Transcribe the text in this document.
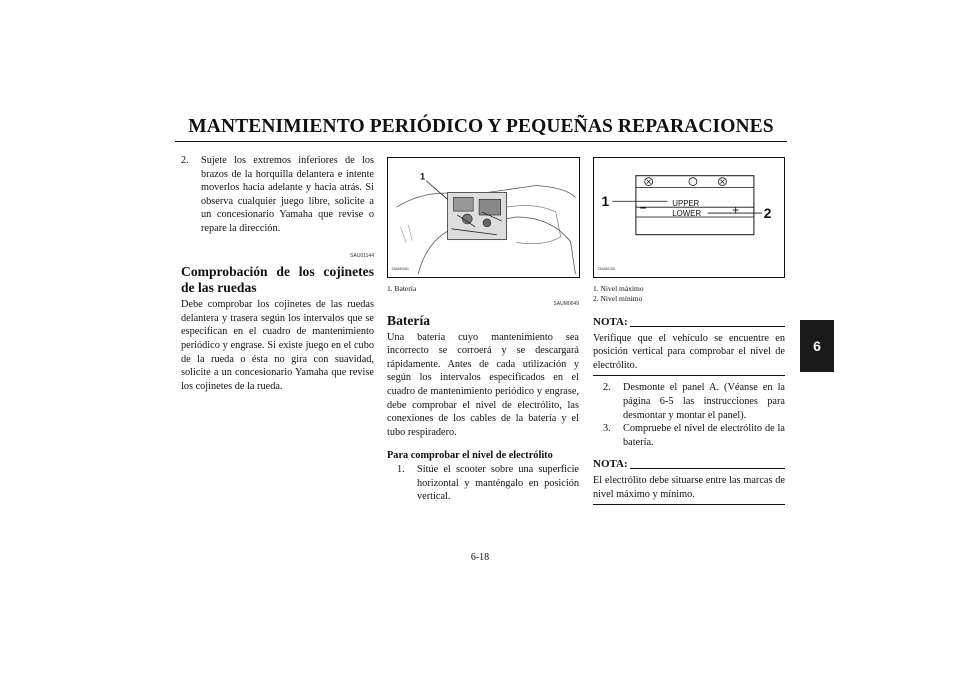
MANTENIMIENTO PERIÓDICO Y PEQUEÑAS REPARACIONES
6
2.	Sujete los extremos inferiores de los brazos de la horquilla delantera e intente moverlos hacia adelante y hacia atrás. Si observa cualquier juego libre, solicite a un concesionario Yamaha que revise o repare la dirección.
SAU01144
Comprobación de los cojinetes de las ruedas
Debe comprobar los cojinetes de las ruedas delantera y trasera según los intervalos que se especifican en el cuadro de mantenimiento periódico y engrase. Si existe juego en el cubo de la rueda o ésta no gira con suavidad, solicite a un concesionario Yamaha que revise los cojinetes de la rueda.
1
ZAUM0081
1. Batería
SAUM0049
Batería
Una batería cuyo mantenimiento sea incorrecto se corroerá y se descargará rápidamente. Antes de cada utilización y según los intervalos especificados en el cuadro de mantenimiento periódico y engrase, debe comprobar el nivel de electrólito, las conexiones de los cables de la batería y el tubo respiradero.
Para comprobar el nivel de electrólito
1.	Sitúe el scooter sobre una superficie horizontal y manténgalo en posición vertical.
–	+
UPPER
LOWER
1
2
ZAUM0106
1. Nivel máximo
2. Nivel mínimo
NOTA:
Verifique que el vehículo se encuentre en posición vertical para comprobar el nivel de electrólito.
2.	Desmonte el panel A. (Véanse en la página 6-5 las instrucciones para desmontar y montar el panel).
3.	Compruebe el nivel de electrólito de la batería.
NOTA:
El electrólito debe situarse entre las marcas de nivel máximo y mínimo.
6-18
